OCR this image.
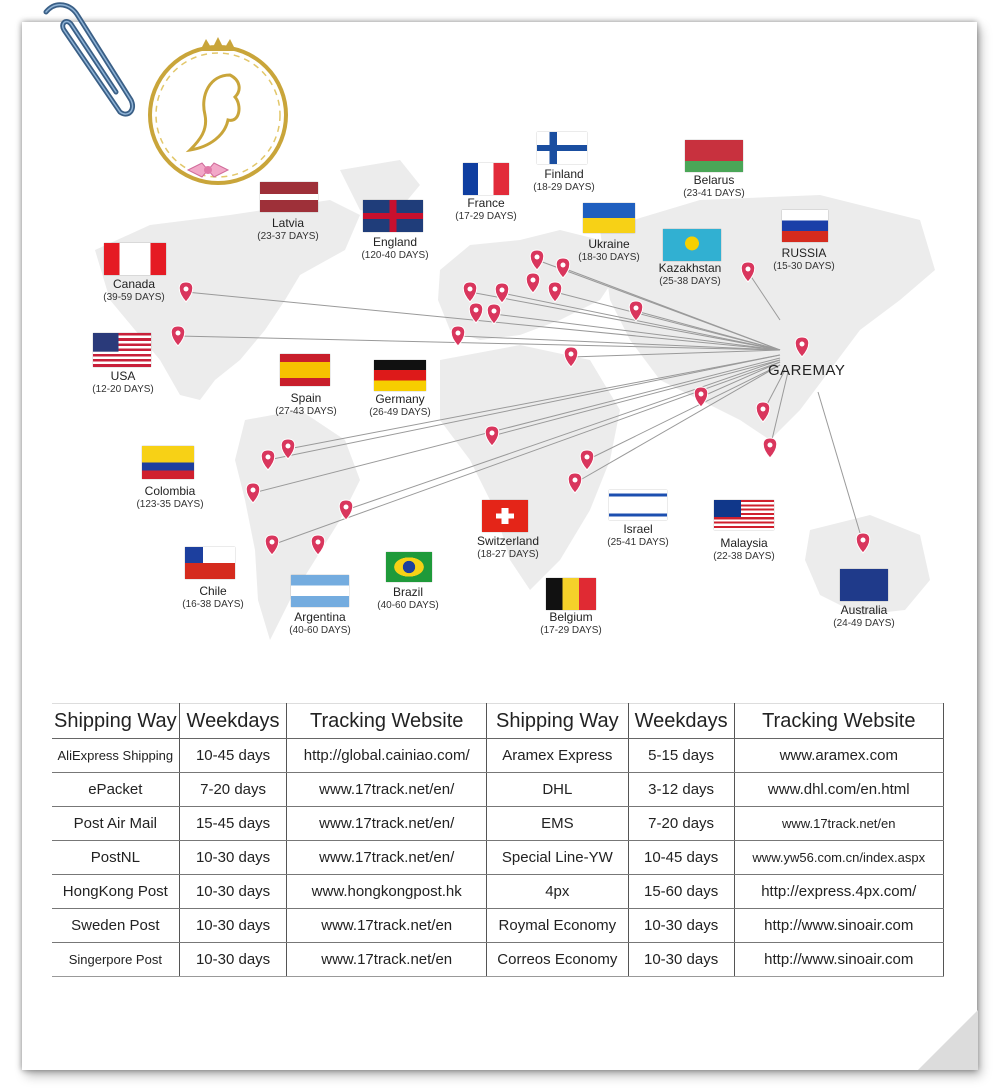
Finland
(18-29 DAYS)
Belarus
(23-41 DAYS)
France
(17-29 DAYS)
Latvia
(23-37 DAYS)	England
(120-40 DAYS)
Ukraine
(18-30 DAYS)
Kazakhstan
(25-38 DAYS)
RUSSIA
(15-30 DAYS)
Canada
(39-59 DAYS)
USA
(12-20 DAYS)
Spain
(27-43 DAYS)
Germany
(26-49 DAYS)
Colombia
(123-35 DAYS)
Switzerland
(18-27 DAYS)
Israel
(25-41 DAYS)	Malaysia
(22-38 DAYS)
Chile
(16-38 DAYS)
Argentina
(40-60 DAYS)
Brazil
(40-60 DAYS)
Belgium
(17-29 DAYS)
Australia
(24-49 DAYS)
GAREMAY
Shipping Way	Weekdays	Tracking Website	Shipping Way	Weekdays	Tracking Website
AliExpress Shipping	10-45 days	http://global.cainiao.com/	Aramex Express	5-15 days	www.aramex.com
ePacket	7-20 days	www.17track.net/en/	DHL	3-12 days	www.dhl.com/en.html
Post Air Mail	15-45 days	www.17track.net/en/	EMS	7-20 days	www.17track.net/en
PostNL	10-30 days	www.17track.net/en/	Special Line-YW	10-45 days	www.yw56.com.cn/index.aspx
HongKong Post	10-30 days	www.hongkongpost.hk	4px	15-60 days	http://express.4px.com/
Sweden Post	10-30 days	www.17track.net/en	Roymal Economy	10-30 days	http://www.sinoair.com
Singerpore Post	10-30 days	www.17track.net/en	Correos Economy	10-30 days	http://www.sinoair.com
